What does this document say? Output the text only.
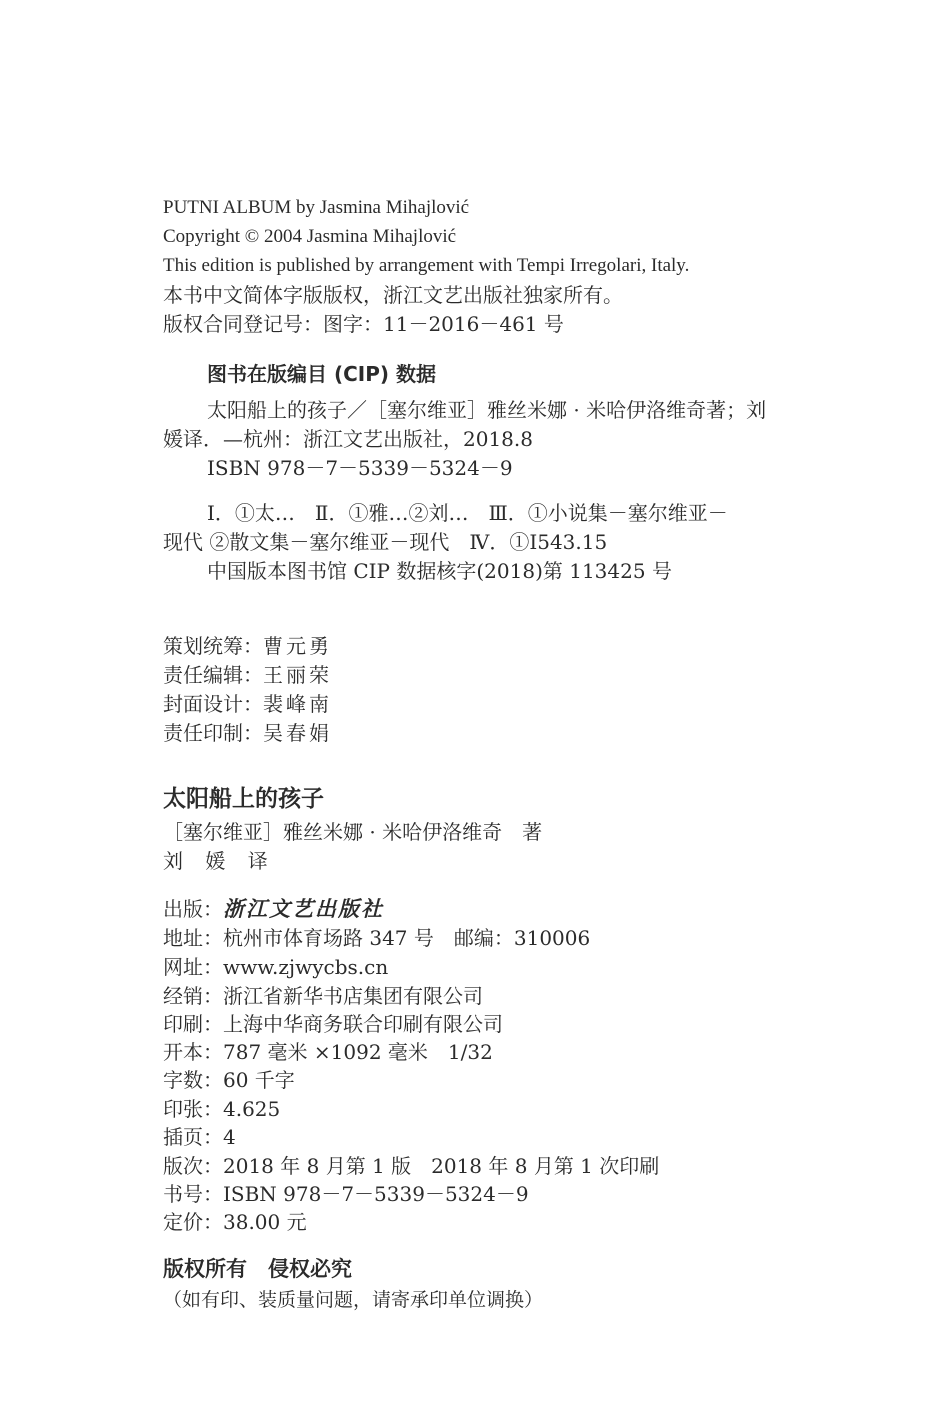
PUTNI ALBUM by Jasmina Mihajlović
Copyright © 2004 Jasmina Mihajlović
This edition is published by arrangement with Tempi Irregolari, Italy.
本书中文简体字版版权，浙江文艺出版社独家所有。
版权合同登记号：图字：11－2016－461 号
图书在版编目 (CIP) 数据
太阳船上的孩子／［塞尔维亚］雅丝米娜 · 米哈伊洛维奇著；刘
媛译．—杭州：浙江文艺出版社，2018.8
ISBN 978－7－5339－5324－9
Ⅰ．①太…　Ⅱ．①雅…②刘…　Ⅲ．①小说集－塞尔维亚－
现代 ②散文集－塞尔维亚－现代　Ⅳ．①I543.15
中国版本图书馆 CIP 数据核字(2018)第 113425 号
策划统筹：曹元勇
责任编辑：王丽荣
封面设计：裴峰南
责任印制：吴春娟
太阳船上的孩子
［塞尔维亚］雅丝米娜 · 米哈伊洛维奇　著
刘 媛 译
出版：浙江文艺出版社
地址：杭州市体育场路 347 号　邮编：310006
网址：www.zjwycbs.cn
经销：浙江省新华书店集团有限公司
印刷：上海中华商务联合印刷有限公司
开本：787 毫米 ×1092 毫米　1/32
字数：60 千字
印张：4.625
插页：4
版次：2018 年 8 月第 1 版　2018 年 8 月第 1 次印刷
书号：ISBN 978－7－5339－5324－9
定价：38.00 元
版权所有　侵权必究
（如有印、装质量问题，请寄承印单位调换）
